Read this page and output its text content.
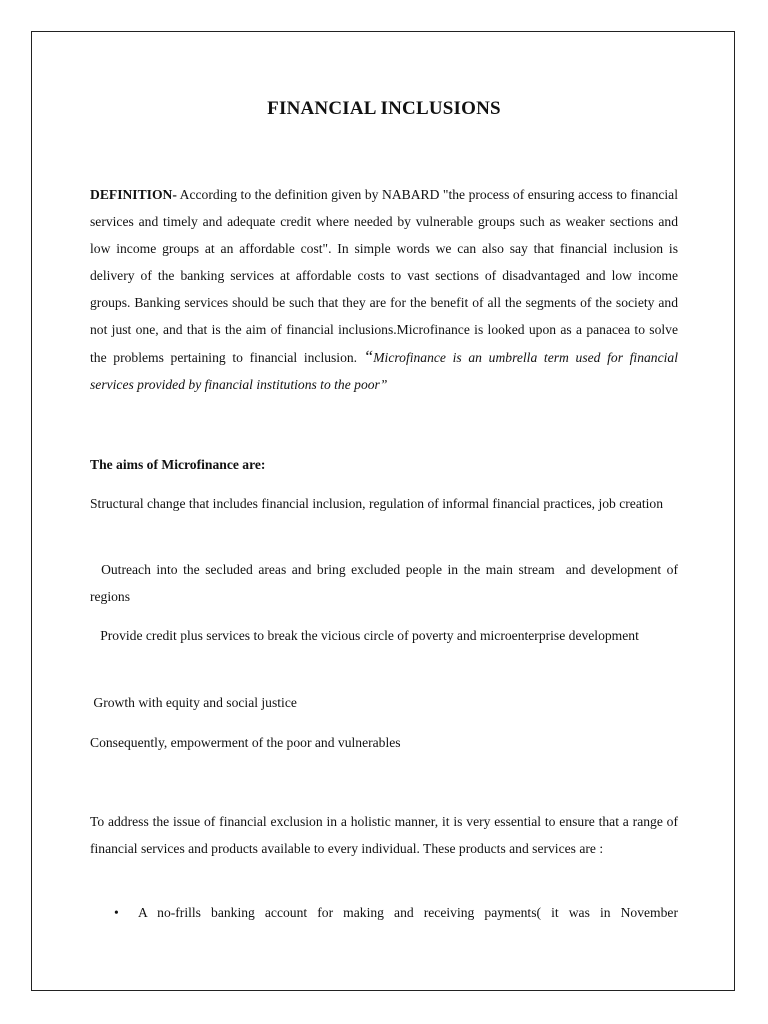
FINANCIAL INCLUSIONS

DEFINITION- According to the definition given by NABARD "the process of ensuring access to financial services and timely and adequate credit where needed by vulnerable groups such as weaker sections and low income groups at an affordable cost". In simple words we can also say that financial inclusion is delivery of the banking services at affordable costs to vast sections of disadvantaged and low income groups. Banking services should be such that they are for the benefit of all the segments of the society and not just one, and that is the aim of financial inclusions.Microfinance is looked upon as a panacea to solve the problems pertaining to financial inclusion. “Microfinance is an umbrella term used for financial services provided by financial institutions to the poor”

The aims of Microfinance are:

Structural change that includes financial inclusion, regulation of informal financial practices, job creation

Outreach into the secluded areas and bring excluded people in the main stream  and development of regions

Provide credit plus services to break the vicious circle of poverty and microenterprise development

Growth with equity and social justice

Consequently, empowerment of the poor and vulnerables

To address the issue of financial exclusion in a holistic manner, it is very essential to ensure that a range of financial services and products available to every individual. These products and services are :

• A no-frills banking account for making and receiving payments( it was in November
